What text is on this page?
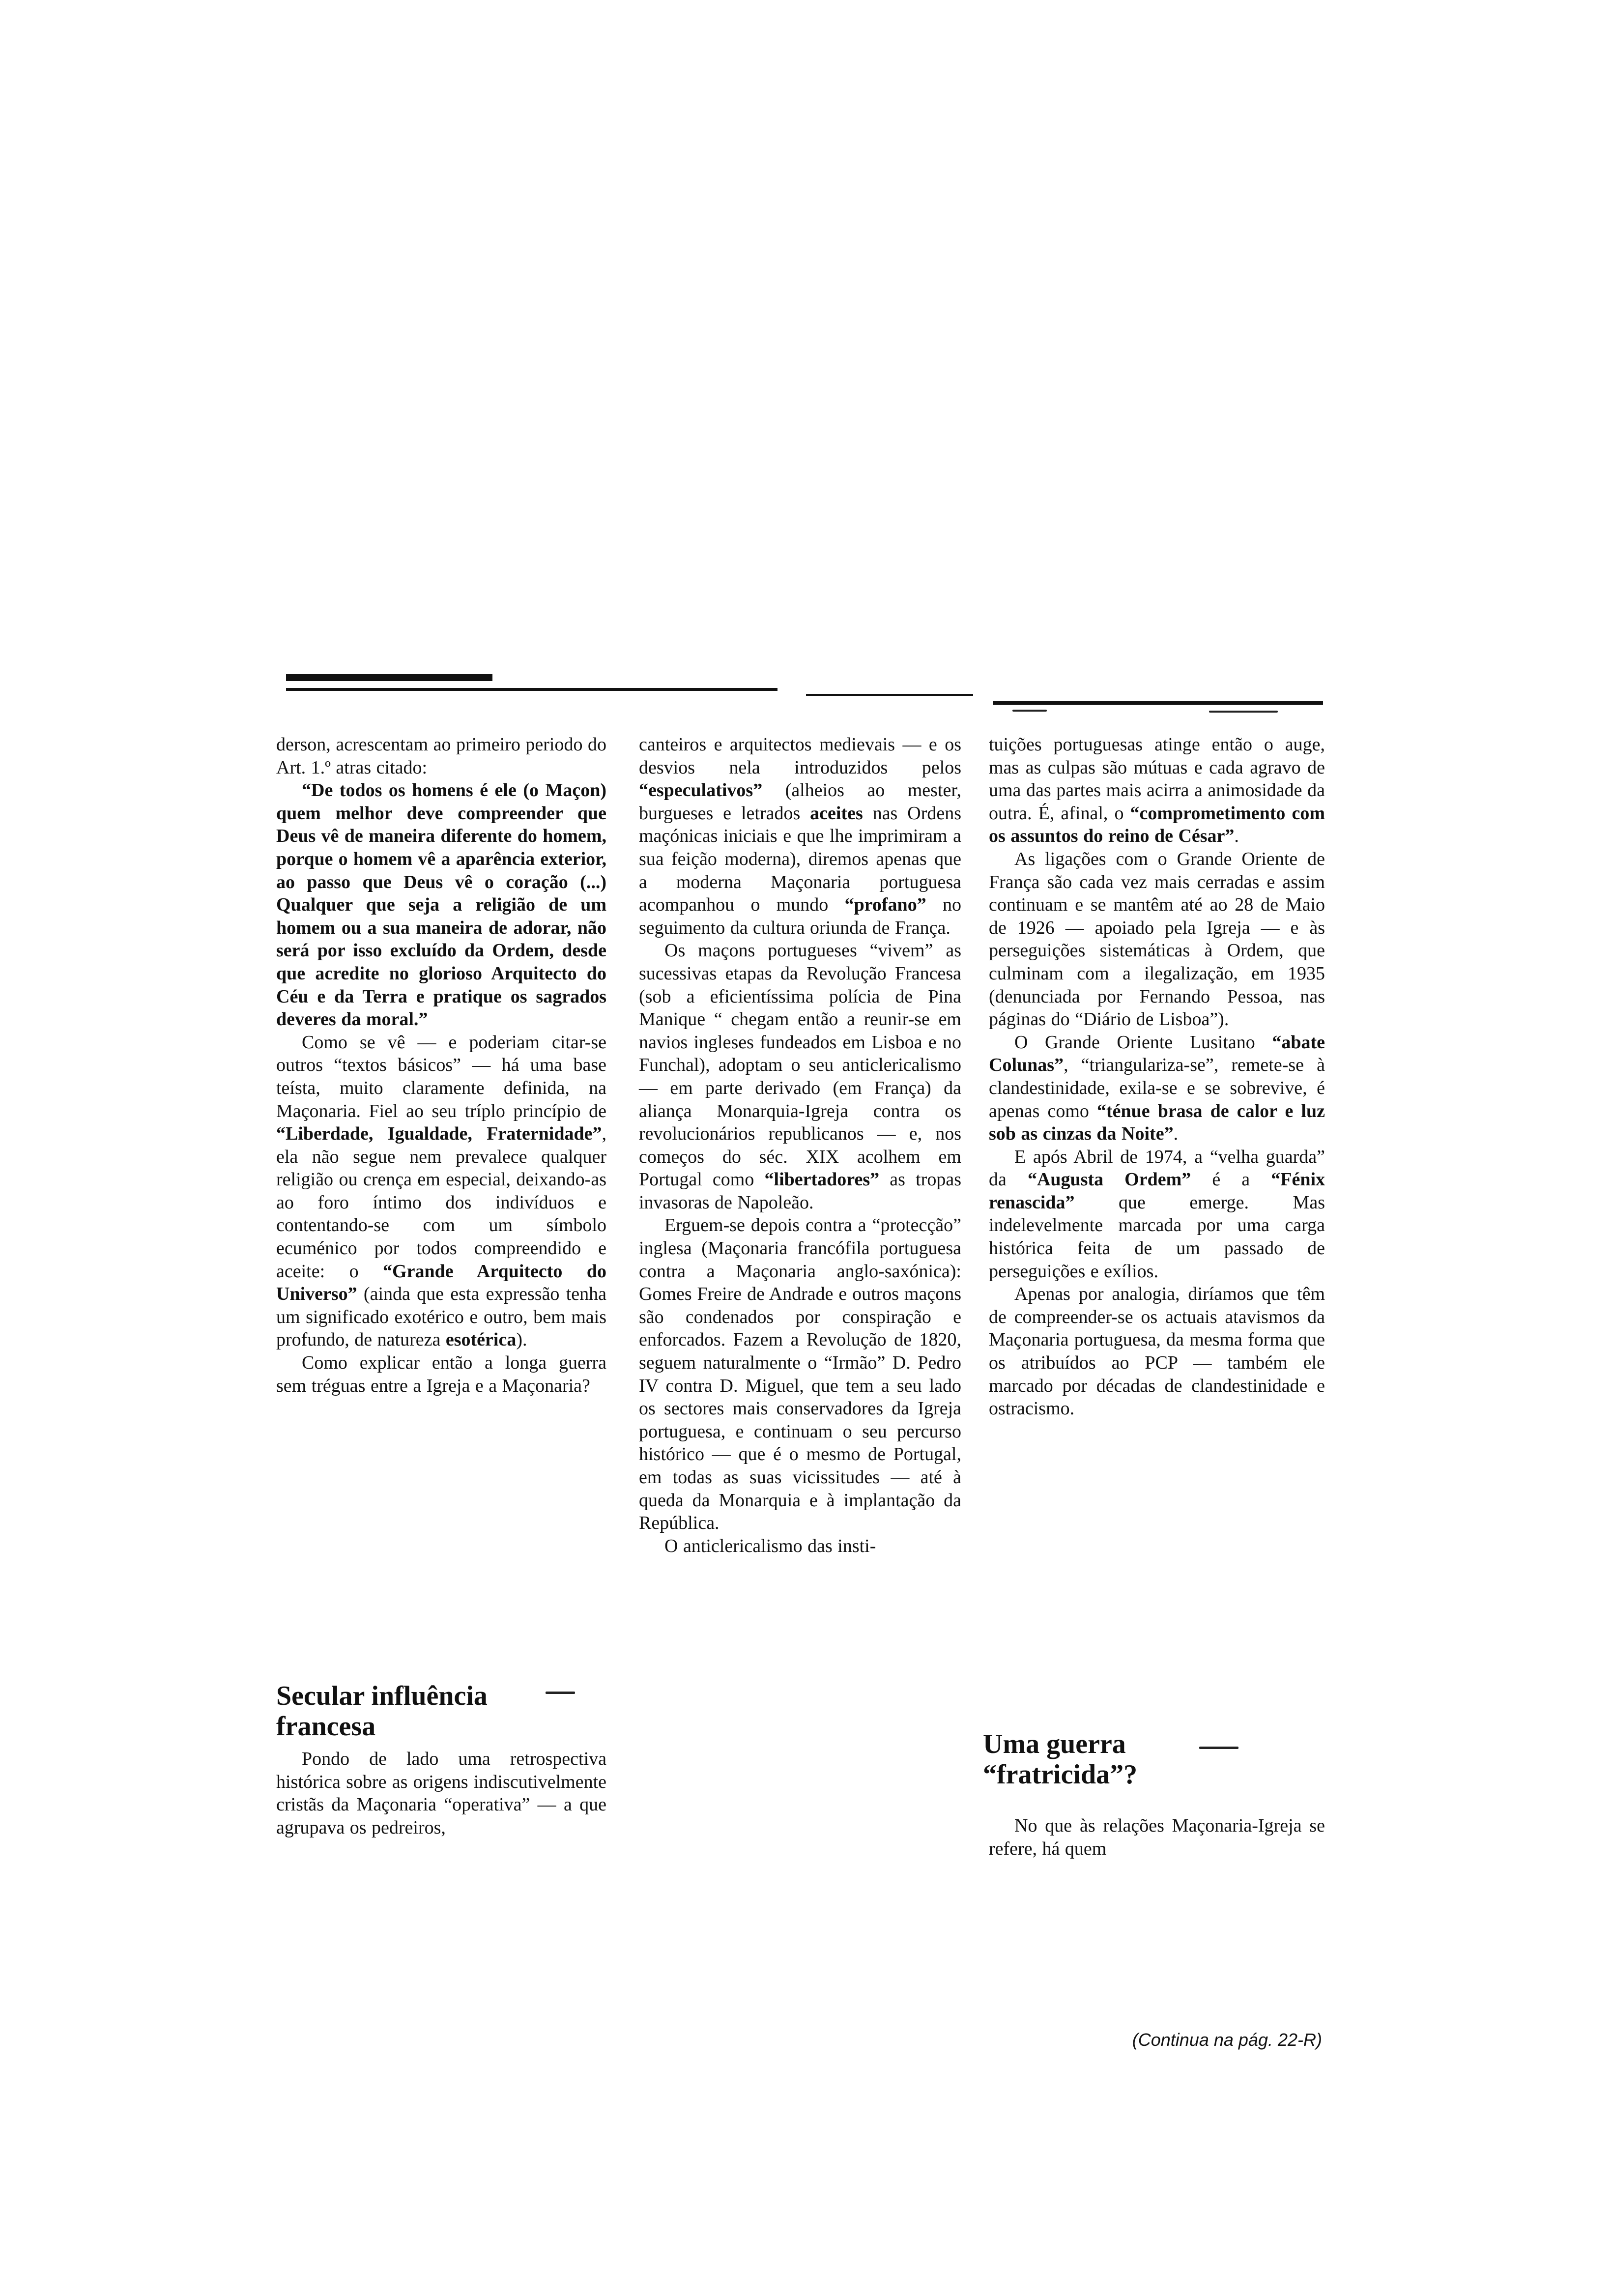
derson, acrescentam ao primeiro periodo do Art. 1.º atras citado:

“De todos os homens é ele (o Maçon) quem melhor deve compreender que Deus vê de maneira diferente do homem, porque o homem vê a aparência exterior, ao passo que Deus vê o coração (...) Qualquer que seja a religião de um homem ou a sua maneira de adorar, não será por isso excluído da Ordem, desde que acredite no glorioso Arquitecto do Céu e da Terra e pratique os sagrados deveres da moral.”

Como se vê — e poderiam citar-se outros “textos básicos” — há uma base teísta, muito claramente definida, na Maçonaria. Fiel ao seu tríplo princípio de “Liberdade, Igualdade, Fraternidade”, ela não segue nem prevalece qualquer religião ou crença em especial, deixando-as ao foro íntimo dos indivíduos e contentando-se com um símbolo ecuménico por todos compreendido e aceite: o “Grande Arquitecto do Universo” (ainda que esta expressão tenha um significado exotérico e outro, bem mais profundo, de natureza esotérica).

Como explicar então a longa guerra sem tréguas entre a Igreja e a Maçonaria?

Secular influência francesa

Pondo de lado uma retrospectiva histórica sobre as origens indiscutivelmente cristãs da Maçonaria “operativa” — a que agrupava os pedreiros,

canteiros e arquitectos medievais — e os desvios nela introduzidos pelos “especulativos” (alheios ao mester, burgueses e letrados aceites nas Ordens maçónicas iniciais e que lhe imprimiram a sua feição moderna), diremos apenas que a moderna Maçonaria portuguesa acompanhou o mundo “profano” no seguimento da cultura oriunda de França.

Os maçons portugueses “vivem” as sucessivas etapas da Revolução Francesa (sob a eficientíssima polícia de Pina Manique “ chegam então a reunir-se em navios ingleses fundeados em Lisboa e no Funchal), adoptam o seu anticlericalismo — em parte derivado (em França) da aliança Monarquia-Igreja contra os revolucionários republicanos — e, nos começos do séc. XIX acolhem em Portugal como “libertadores” as tropas invasoras de Napoleão.

Erguem-se depois contra a “protecção” inglesa (Maçonaria francófila portuguesa contra a Maçonaria anglo-saxónica): Gomes Freire de Andrade e outros maçons são condenados por conspiração e enforcados. Fazem a Revolução de 1820, seguem naturalmente o “Irmão” D. Pedro IV contra D. Miguel, que tem a seu lado os sectores mais conservadores da Igreja portuguesa, e continuam o seu percurso histórico — que é o mesmo de Portugal, em todas as suas vicissitudes — até à queda da Monarquia e à implantação da República.

O anticlericalismo das insti-

tuições portuguesas atinge então o auge, mas as culpas são mútuas e cada agravo de uma das partes mais acirra a animosidade da outra. É, afinal, o “comprometimento com os assuntos do reino de César”.

As ligações com o Grande Oriente de França são cada vez mais cerradas e assim continuam e se mantêm até ao 28 de Maio de 1926 — apoiado pela Igreja — e às perseguições sistemáticas à Ordem, que culminam com a ilegalização, em 1935 (denunciada por Fernando Pessoa, nas páginas do “Diário de Lisboa”).

O Grande Oriente Lusitano “abate Colunas”, “triangulariza-se”, remete-se à clandestinidade, exila-se e se sobrevive, é apenas como “ténue brasa de calor e luz sob as cinzas da Noite”.

E após Abril de 1974, a “velha guarda” da “Augusta Ordem” é a “Fénix renascida” que emerge. Mas indelevelmente marcada por uma carga histórica feita de um passado de perseguições e exílios.

Apenas por analogia, diríamos que têm de compreender-se os actuais atavismos da Maçonaria portuguesa, da mesma forma que os atribuídos ao PCP — também ele marcado por décadas de clandestinidade e ostracismo.

Uma guerra “fratricida”?

No que às relações Maçonaria-Igreja se refere, há quem

(Continua na pág. 22-R)
